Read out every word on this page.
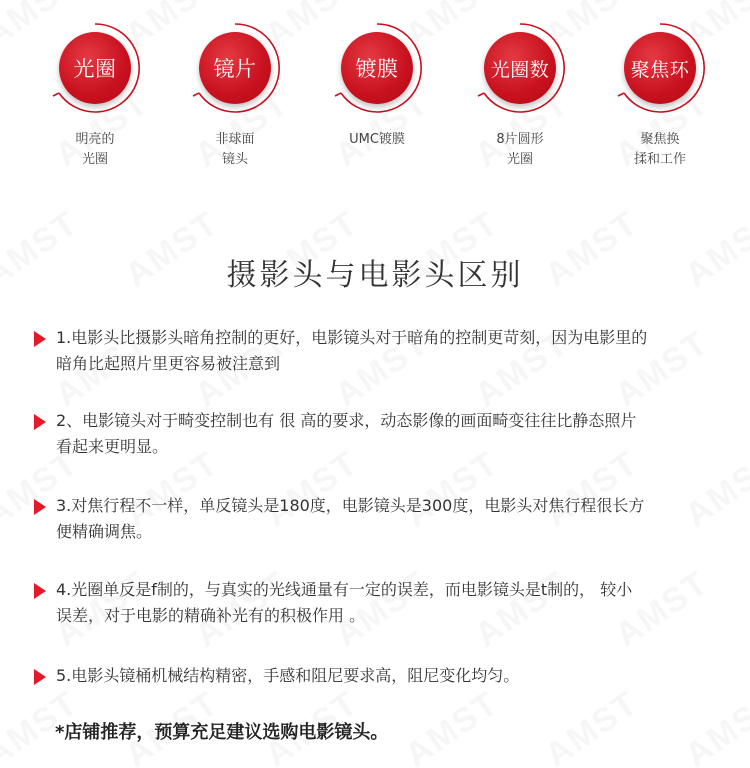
光圈
明亮的
光圈
镜片
非球面
镜头
镀膜
UMC镀膜
光圈数
8片圆形
光圈
聚焦环
聚焦换
揉和工作
摄影头与电影头区别
1.电影头比摄影头暗角控制的更好，电影镜头对于暗角的控制更苛刻，因为电影里的
暗角比起照片里更容易被注意到
2、电影镜头对于畸变控制也有 很 高的要求，动态影像的画面畸变往往比静态照片
看起来更明显。
3.对焦行程不一样，单反镜头是180度，电影镜头是300度，电影头对焦行程很长方
便精确调焦。
4.光圈单反是f制的，与真实的光线通量有一定的误差，而电影镜头是t制的， 较小
误差，对于电影的精确补光有的积极作用 。
5.电影头镜桶机械结构精密，手感和阻尼要求高，阻尼变化均匀。
*店铺推荐，预算充足建议选购电影镜头。
